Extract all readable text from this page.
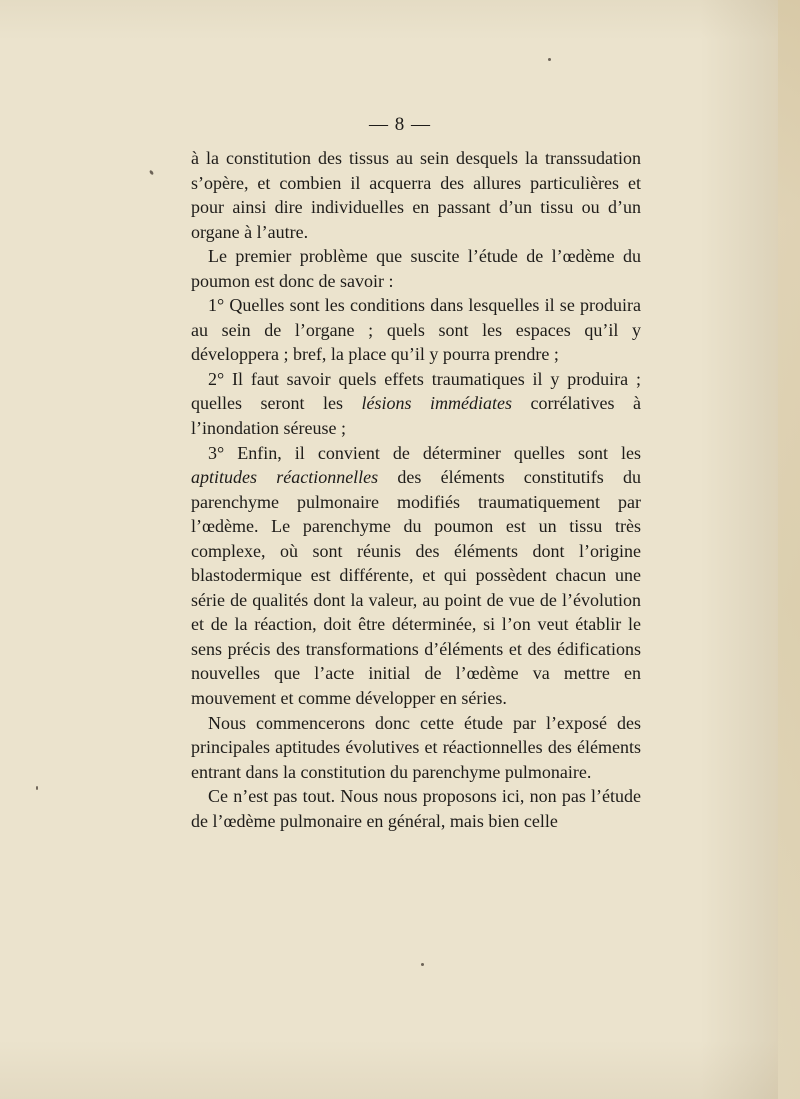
— 8 —

à la constitution des tissus au sein desquels la transsudation s’opère, et combien il acquerra des allures particulières et pour ainsi dire individuelles en passant d’un tissu ou d’un organe à l’autre.

Le premier problème que suscite l’étude de l’œdème du poumon est donc de savoir :

1° Quelles sont les conditions dans lesquelles il se produira au sein de l’organe ; quels sont les espaces qu’il y développera ; bref, la place qu’il y pourra prendre ;

2° Il faut savoir quels effets traumatiques il y produira ; quelles seront les lésions immédiates corrélatives à l’inondation séreuse ;

3° Enfin, il convient de déterminer quelles sont les aptitudes réactionnelles des éléments constitutifs du parenchyme pulmonaire modifiés traumatiquement par l’œdème. Le parenchyme du poumon est un tissu très complexe, où sont réunis des éléments dont l’origine blastodermique est différente, et qui possèdent chacun une série de qualités dont la valeur, au point de vue de l’évolution et de la réaction, doit être déterminée, si l’on veut établir le sens précis des transformations d’éléments et des édifications nouvelles que l’acte initial de l’œdème va mettre en mouvement et comme développer en séries.

Nous commencerons donc cette étude par l’exposé des principales aptitudes évolutives et réactionnelles des éléments entrant dans la constitution du parenchyme pulmonaire.

Ce n’est pas tout. Nous nous proposons ici, non pas l’étude de l’œdème pulmonaire en général, mais bien celle
